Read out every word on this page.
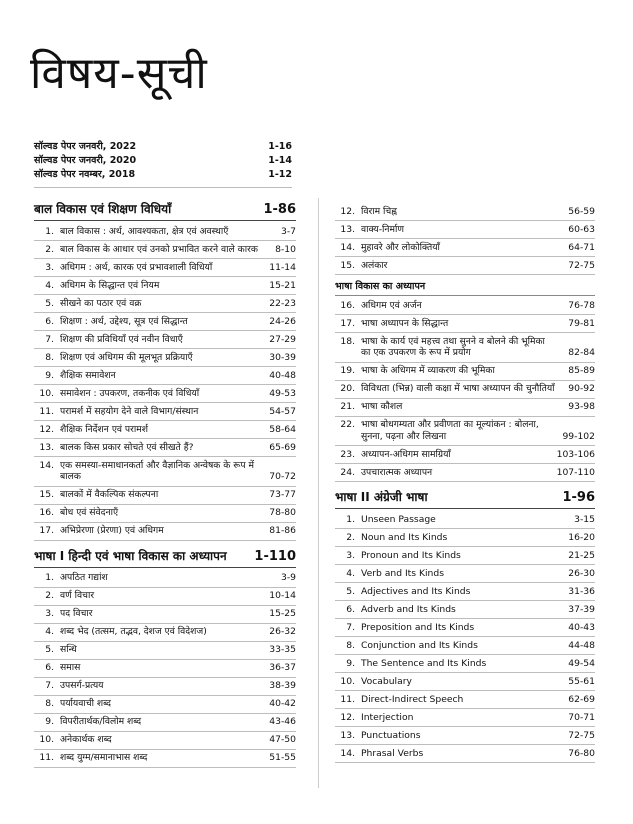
विषय-सूची
सॉल्वड पेपर जनवरी, 2022	1-16
सॉल्वड पेपर जनवरी, 2020	1-14
सॉल्वड पेपर नवम्बर, 2018	1-12
बाल विकास एवं शिक्षण विधियाँ	1-86
1. बाल विकास : अर्थ, आवश्यकता, क्षेत्र एवं अवस्थाएँ	3-7
2. बाल विकास के आधार एवं उनको प्रभावित करने वाले कारक	8-10
3. अधिगम : अर्थ, कारक एवं प्रभावशाली विधियाँ	11-14
4. अधिगम के सिद्धान्त एवं नियम	15-21
5. सीखने का पठार एवं वक्र	22-23
6. शिक्षण : अर्थ, उद्देश्य, सूत्र एवं सिद्धान्त	24-26
7. शिक्षण की प्रविधियाँ एवं नवीन विधाएँ	27-29
8. शिक्षण एवं अधिगम की मूलभूत प्रक्रियाएँ	30-39
9. शैक्षिक समावेशन	40-48
10. समावेशन : उपकरण, तकनीक एवं विधियाँ	49-53
11. परामर्श में सहयोग देने वाले विभाग/संस्थान	54-57
12. शैक्षिक निर्देशन एवं परामर्श	58-64
13. बालक किस प्रकार सोचते एवं सीखते हैं?	65-69
14. एक समस्या-समाधानकर्ता और वैज्ञानिक अन्वेषक के रूप में बालक	70-72
15. बालकों में वैकल्पिक संकल्पना	73-77
16. बोध एवं संवेदनाएँ	78-80
17. अभिप्रेरणा (प्रेरणा) एवं अधिगम	81-86
भाषा I हिन्दी एवं भाषा विकास का अध्यापन 1-110
1. अपठित गद्यांश	3-9
2. वर्ण विचार	10-14
3. पद विचार	15-25
4. शब्द भेद (तत्सम, तद्भव, देशज एवं विदेशज)	26-32
5. सन्धि	33-35
6. समास	36-37
7. उपसर्ग-प्रत्यय	38-39
8. पर्यायवाची शब्द	40-42
9. विपरीतार्थक/विलोम शब्द	43-46
10. अनेकार्थक शब्द	47-50
11. शब्द युग्म/समानाभास शब्द	51-55
12. विराम चिह्न	56-59
13. वाक्य-निर्माण	60-63
14. मुहावरे और लोकोक्तियाँ	64-71
15. अलंकार	72-75
भाषा विकास का अध्यापन
16. अधिगम एवं अर्जन	76-78
17. भाषा अध्यापन के सिद्धान्त	79-81
18. भाषा के कार्य एवं महत्त्व तथा सुनने व बोलने की भूमिका का एक उपकरण के रूप में प्रयोग	82-84
19. भाषा के अधिगम में व्याकरण की भूमिका	85-89
20. विविधता (भिन्न) वाली कक्षा में भाषा अध्यापन की चुनौतियाँ	90-92
21. भाषा कौशल	93-98
22. भाषा बोधगम्यता और प्रवीणता का मूल्यांकन : बोलना, सुनना, पढ़ना और लिखना	99-102
23. अध्यापन-अधिगम सामग्रियाँ	103-106
24. उपचारात्मक अध्यापन	107-110
भाषा II अंग्रेजी भाषा	1-96
1. Unseen Passage	3-15
2. Noun and Its Kinds	16-20
3. Pronoun and Its Kinds	21-25
4. Verb and Its Kinds	26-30
5. Adjectives and Its Kinds	31-36
6. Adverb and Its Kinds	37-39
7. Preposition and Its Kinds	40-43
8. Conjunction and Its Kinds	44-48
9. The Sentence and Its Kinds	49-54
10. Vocabulary	55-61
11. Direct-Indirect Speech	62-69
12. Interjection	70-71
13. Punctuations	72-75
14. Phrasal Verbs	76-80
